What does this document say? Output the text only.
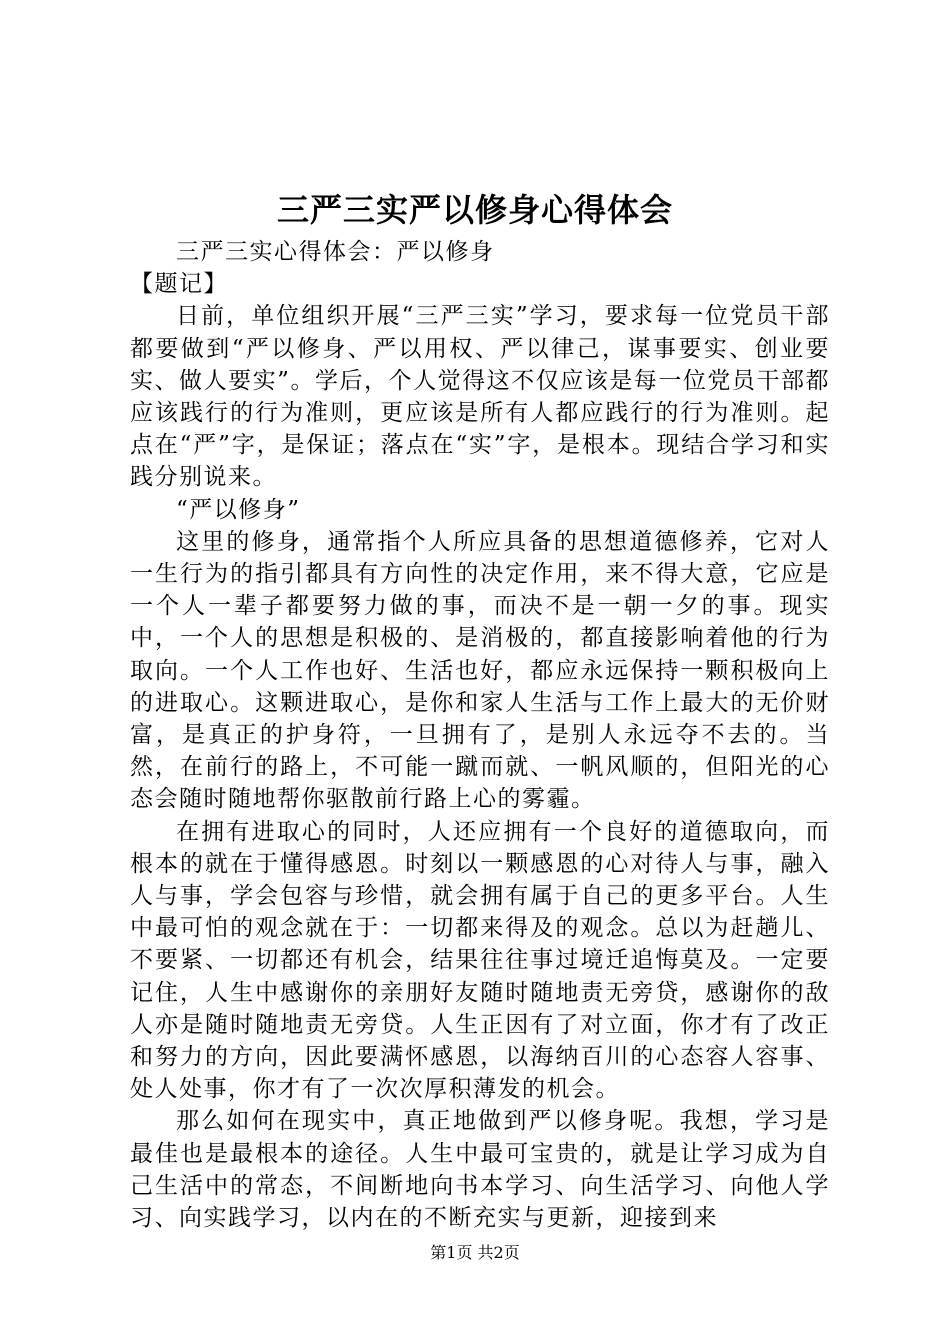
三严三实严以修身心得体会

三严三实心得体会：严以修身

【题记】

日前，单位组织开展“三严三实”学习，要求每一位党员干部都要做到“严以修身、严以用权、严以律己，谋事要实、创业要实、做人要实”。学后，个人觉得这不仅应该是每一位党员干部都应该践行的行为准则，更应该是所有人都应践行的行为准则。起点在“严”字，是保证；落点在“实”字，是根本。现结合学习和实践分别说来。

“严以修身”

这里的修身，通常指个人所应具备的思想道德修养，它对人一生行为的指引都具有方向性的决定作用，来不得大意，它应是一个人一辈子都要努力做的事，而决不是一朝一夕的事。现实中，一个人的思想是积极的、是消极的，都直接影响着他的行为取向。一个人工作也好、生活也好，都应永远保持一颗积极向上的进取心。这颗进取心，是你和家人生活与工作上最大的无价财富，是真正的护身符，一旦拥有了，是别人永远夺不去的。当然，在前行的路上，不可能一蹴而就、一帆风顺的，但阳光的心态会随时随地帮你驱散前行路上心的雾霾。

在拥有进取心的同时，人还应拥有一个良好的道德取向，而根本的就在于懂得感恩。时刻以一颗感恩的心对待人与事，融入人与事，学会包容与珍惜，就会拥有属于自己的更多平台。人生中最可怕的观念就在于：一切都来得及的观念。总以为赶趟儿、不要紧、一切都还有机会，结果往往事过境迁追悔莫及。一定要记住，人生中感谢你的亲朋好友随时随地责无旁贷，感谢你的敌人亦是随时随地责无旁贷。人生正因有了对立面，你才有了改正和努力的方向，因此要满怀感恩，以海纳百川的心态容人容事、处人处事，你才有了一次次厚积薄发的机会。

那么如何在现实中，真正地做到严以修身呢。我想，学习是最佳也是最根本的途径。人生中最可宝贵的，就是让学习成为自己生活中的常态，不间断地向书本学习、向生活学习、向他人学习、向实践学习，以内在的不断充实与更新，迎接到来

第1页 共2页
